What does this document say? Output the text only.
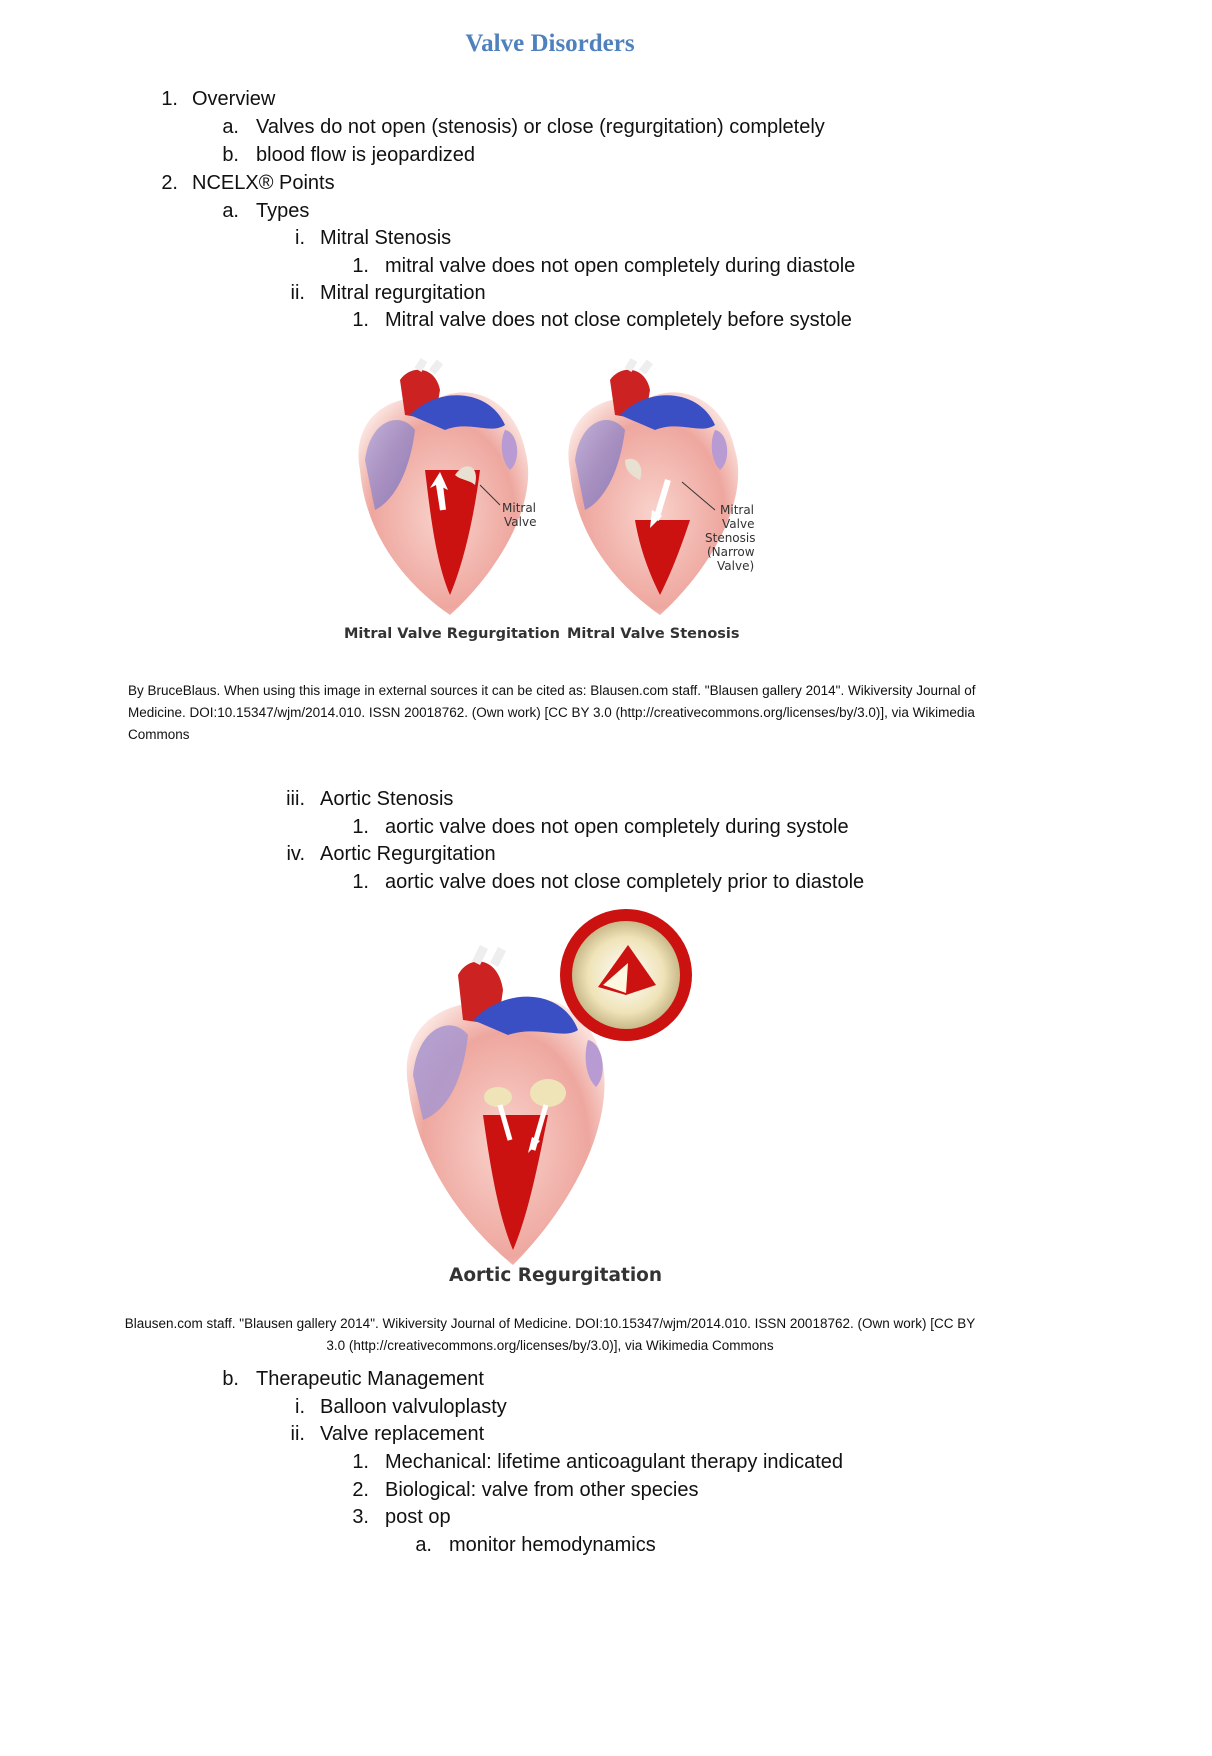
Valve Disorders
1. Overview
a. Valves do not open (stenosis) or close (regurgitation) completely
b. blood flow is jeopardized
2. NCELX® Points
a. Types
i. Mitral Stenosis
1. mitral valve does not open completely during diastole
ii. Mitral regurgitation
1. Mitral valve does not close completely before systole
Mitral
Valve
Mitral
Valve
Stenosis
(Narrow
Valve)
Mitral Valve Regurgitation Mitral Valve Stenosis
By BruceBlaus. When using this image in external sources it can be cited as: Blausen.com staff. "Blausen gallery 2014". Wikiversity Journal of
Medicine. DOI:10.15347/wjm/2014.010. ISSN 20018762. (Own work) [CC BY 3.0 (http://creativecommons.org/licenses/by/3.0)], via Wikimedia
Commons
iii. Aortic Stenosis
1. aortic valve does not open completely during systole
iv. Aortic Regurgitation
1. aortic valve does not close completely prior to diastole
Aortic Regurgitation
Blausen.com staff. "Blausen gallery 2014". Wikiversity Journal of Medicine. DOI:10.15347/wjm/2014.010. ISSN 20018762. (Own work) [CC BY
3.0 (http://creativecommons.org/licenses/by/3.0)], via Wikimedia Commons
b. Therapeutic Management
i. Balloon valvuloplasty
ii. Valve replacement
1. Mechanical: lifetime anticoagulant therapy indicated
2. Biological: valve from other species
3. post op
a. monitor hemodynamics
